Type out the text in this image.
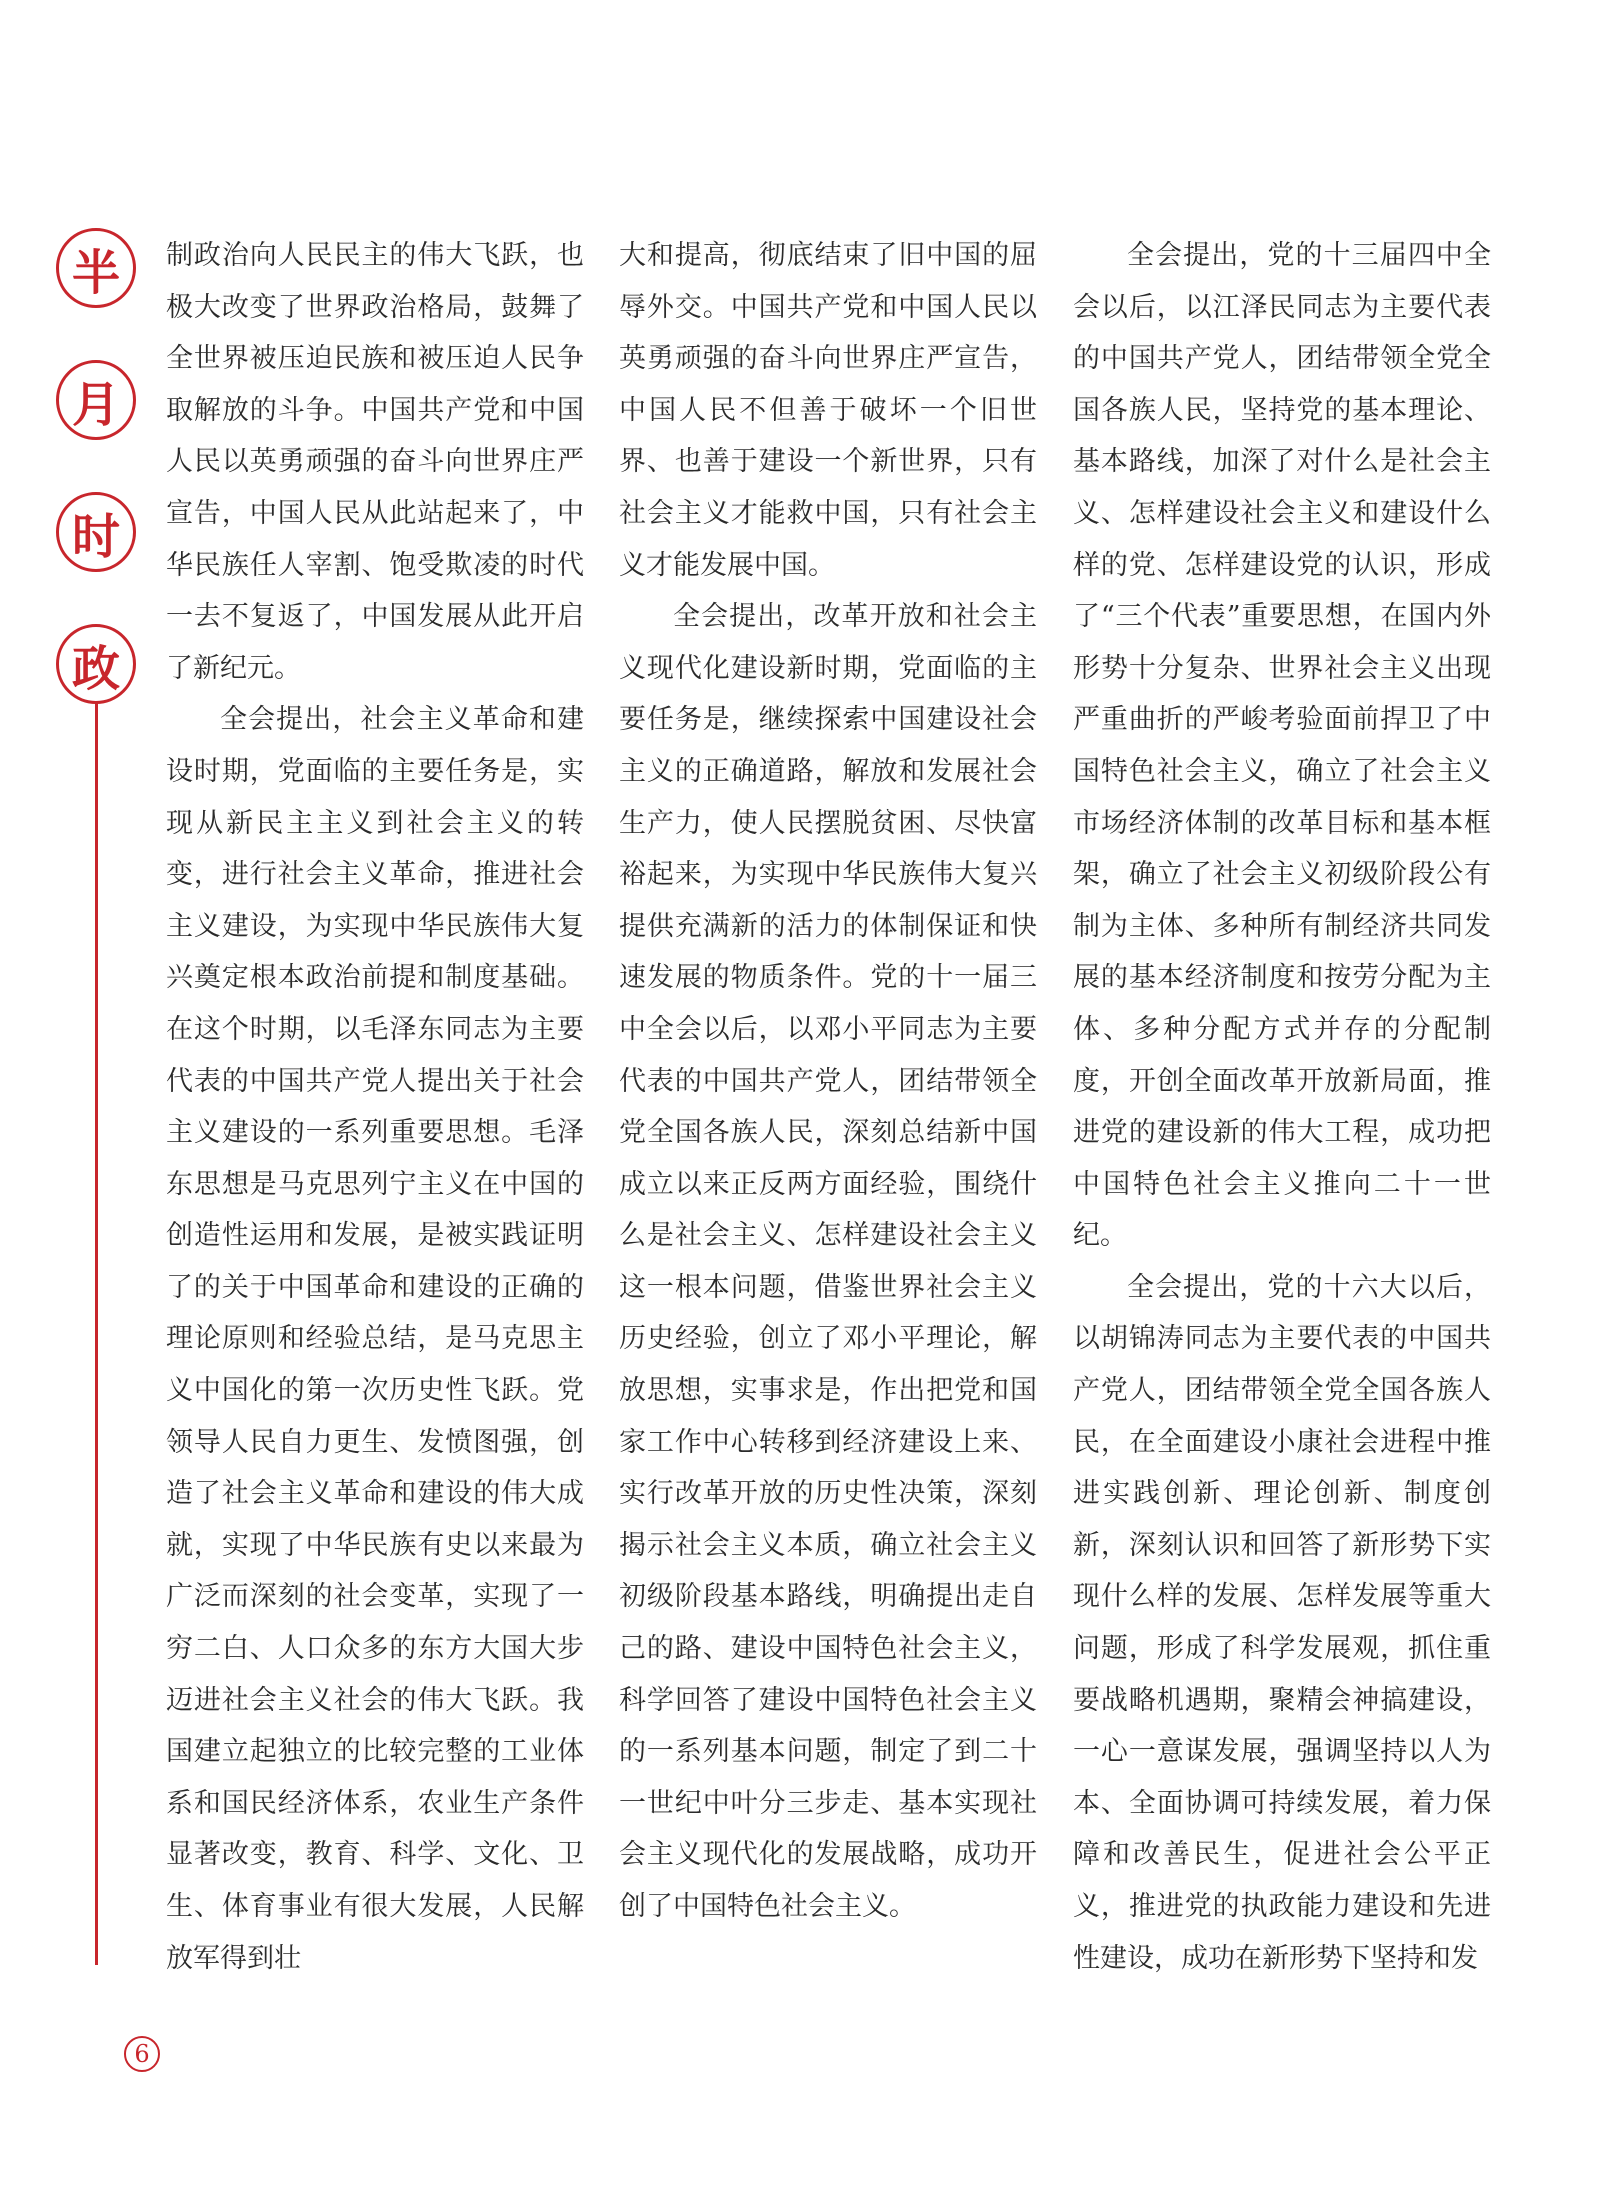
半
月
时
政

制政治向人民民主的伟大飞跃，也极大改变了世界政治格局，鼓舞了全世界被压迫民族和被压迫人民争取解放的斗争。中国共产党和中国人民以英勇顽强的奋斗向世界庄严宣告，中国人民从此站起来了，中华民族任人宰割、饱受欺凌的时代一去不复返了，中国发展从此开启了新纪元。

全会提出，社会主义革命和建设时期，党面临的主要任务是，实现从新民主主义到社会主义的转变，进行社会主义革命，推进社会主义建设，为实现中华民族伟大复兴奠定根本政治前提和制度基础。在这个时期，以毛泽东同志为主要代表的中国共产党人提出关于社会主义建设的一系列重要思想。毛泽东思想是马克思列宁主义在中国的创造性运用和发展，是被实践证明了的关于中国革命和建设的正确的理论原则和经验总结，是马克思主义中国化的第一次历史性飞跃。党领导人民自力更生、发愤图强，创造了社会主义革命和建设的伟大成就，实现了中华民族有史以来最为广泛而深刻的社会变革，实现了一穷二白、人口众多的东方大国大步迈进社会主义社会的伟大飞跃。我国建立起独立的比较完整的工业体系和国民经济体系，农业生产条件显著改变，教育、科学、文化、卫生、体育事业有很大发展，人民解放军得到壮

大和提高，彻底结束了旧中国的屈辱外交。中国共产党和中国人民以英勇顽强的奋斗向世界庄严宣告，中国人民不但善于破坏一个旧世界、也善于建设一个新世界，只有社会主义才能救中国，只有社会主义才能发展中国。

全会提出，改革开放和社会主义现代化建设新时期，党面临的主要任务是，继续探索中国建设社会主义的正确道路，解放和发展社会生产力，使人民摆脱贫困、尽快富裕起来，为实现中华民族伟大复兴提供充满新的活力的体制保证和快速发展的物质条件。党的十一届三中全会以后，以邓小平同志为主要代表的中国共产党人，团结带领全党全国各族人民，深刻总结新中国成立以来正反两方面经验，围绕什么是社会主义、怎样建设社会主义这一根本问题，借鉴世界社会主义历史经验，创立了邓小平理论，解放思想，实事求是，作出把党和国家工作中心转移到经济建设上来、实行改革开放的历史性决策，深刻揭示社会主义本质，确立社会主义初级阶段基本路线，明确提出走自己的路、建设中国特色社会主义，科学回答了建设中国特色社会主义的一系列基本问题，制定了到二十一世纪中叶分三步走、基本实现社会主义现代化的发展战略，成功开创了中国特色社会主义。

全会提出，党的十三届四中全会以后，以江泽民同志为主要代表的中国共产党人，团结带领全党全国各族人民，坚持党的基本理论、基本路线，加深了对什么是社会主义、怎样建设社会主义和建设什么样的党、怎样建设党的认识，形成了“三个代表”重要思想，在国内外形势十分复杂、世界社会主义出现严重曲折的严峻考验面前捍卫了中国特色社会主义，确立了社会主义市场经济体制的改革目标和基本框架，确立了社会主义初级阶段公有制为主体、多种所有制经济共同发展的基本经济制度和按劳分配为主体、多种分配方式并存的分配制度，开创全面改革开放新局面，推进党的建设新的伟大工程，成功把中国特色社会主义推向二十一世纪。

全会提出，党的十六大以后，以胡锦涛同志为主要代表的中国共产党人，团结带领全党全国各族人民，在全面建设小康社会进程中推进实践创新、理论创新、制度创新，深刻认识和回答了新形势下实现什么样的发展、怎样发展等重大问题，形成了科学发展观，抓住重要战略机遇期，聚精会神搞建设，一心一意谋发展，强调坚持以人为本、全面协调可持续发展，着力保障和改善民生，促进社会公平正义，推进党的执政能力建设和先进性建设，成功在新形势下坚持和发

6
